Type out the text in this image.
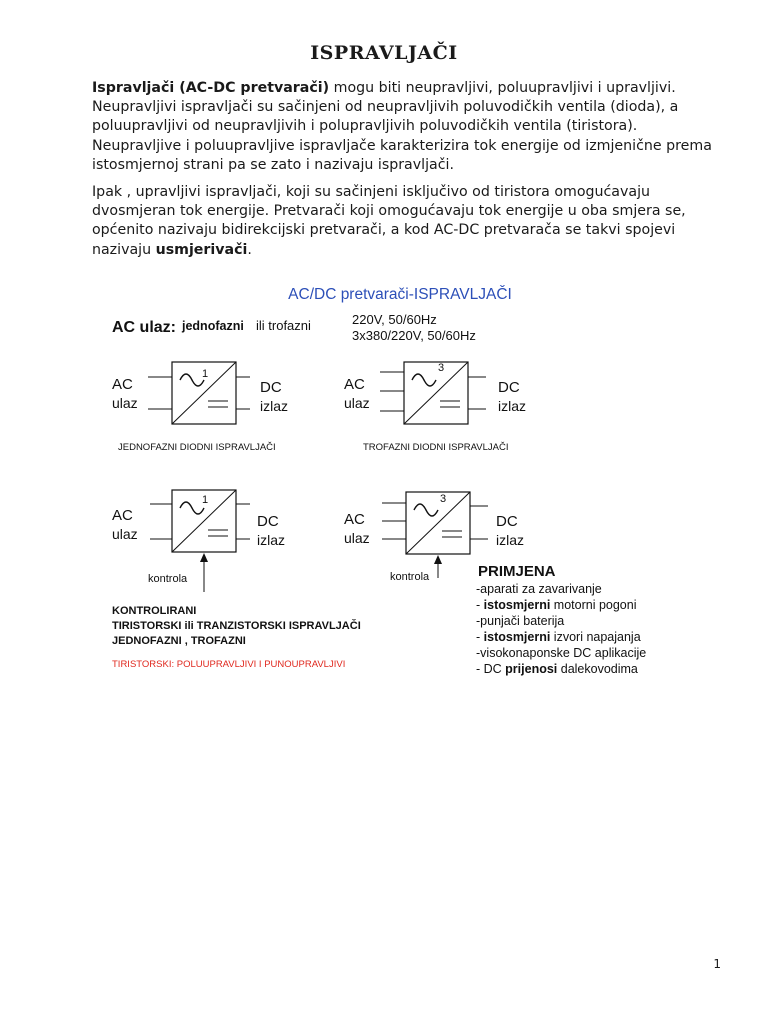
ISPRAVLJAČI
Ispravljači (AC-DC pretvarači) mogu biti neupravljivi, poluupravljivi i upravljivi.
Neupravljivi ispravljači su sačinjeni od neupravljivih poluvodičkih ventila (dioda), a
poluupravljivi od neupravljivih i polupravljivih poluvodičkih ventila (tiristora).
Neupravljive i poluupravljive ispravljače karakterizira tok energije od izmjenične prema
istosmjernoj strani pa se zato i nazivaju ispravljači.
Ipak , upravljivi ispravljači, koji su sačinjeni isključivo od tiristora omogućavaju
dvosmjeran tok energije. Pretvarači koji omogućavaju tok energije u oba smjera se,
općenito nazivaju bidirekcijski pretvarači, a kod AC-DC pretvarača se takvi spojevi
nazivaju usmjerivači.
AC/DC pretvarači-ISPRAVLJAČI
AC ulaz: jednofazni ili trofazni	220V, 50/60Hz
3x380/220V, 50/60Hz
AC
ulaz
1
DC
izlaz
JEDNOFAZNI DIODNI ISPRAVLJAČI
AC
ulaz
3
DC
izlaz
TROFAZNI DIODNI ISPRAVLJAČI
AC
ulaz
1
DC
izlaz
kontrola
AC
ulaz
3
DC
izlaz
kontrola
KONTROLIRANI
TIRISTORSKI ili TRANZISTORSKI ISPRAVLJAČI
JEDNOFAZNI , TROFAZNI
TIRISTORSKI: POLUUPRAVLJIVI I PUNOUPRAVLJIVI
PRIMJENA
-aparati za zavarivanje
- istosmjerni motorni pogoni
-punjači baterija
- istosmjerni izvori napajanja
-visokonaponske DC aplikacije
- DC prijenosi dalekovodima
1
